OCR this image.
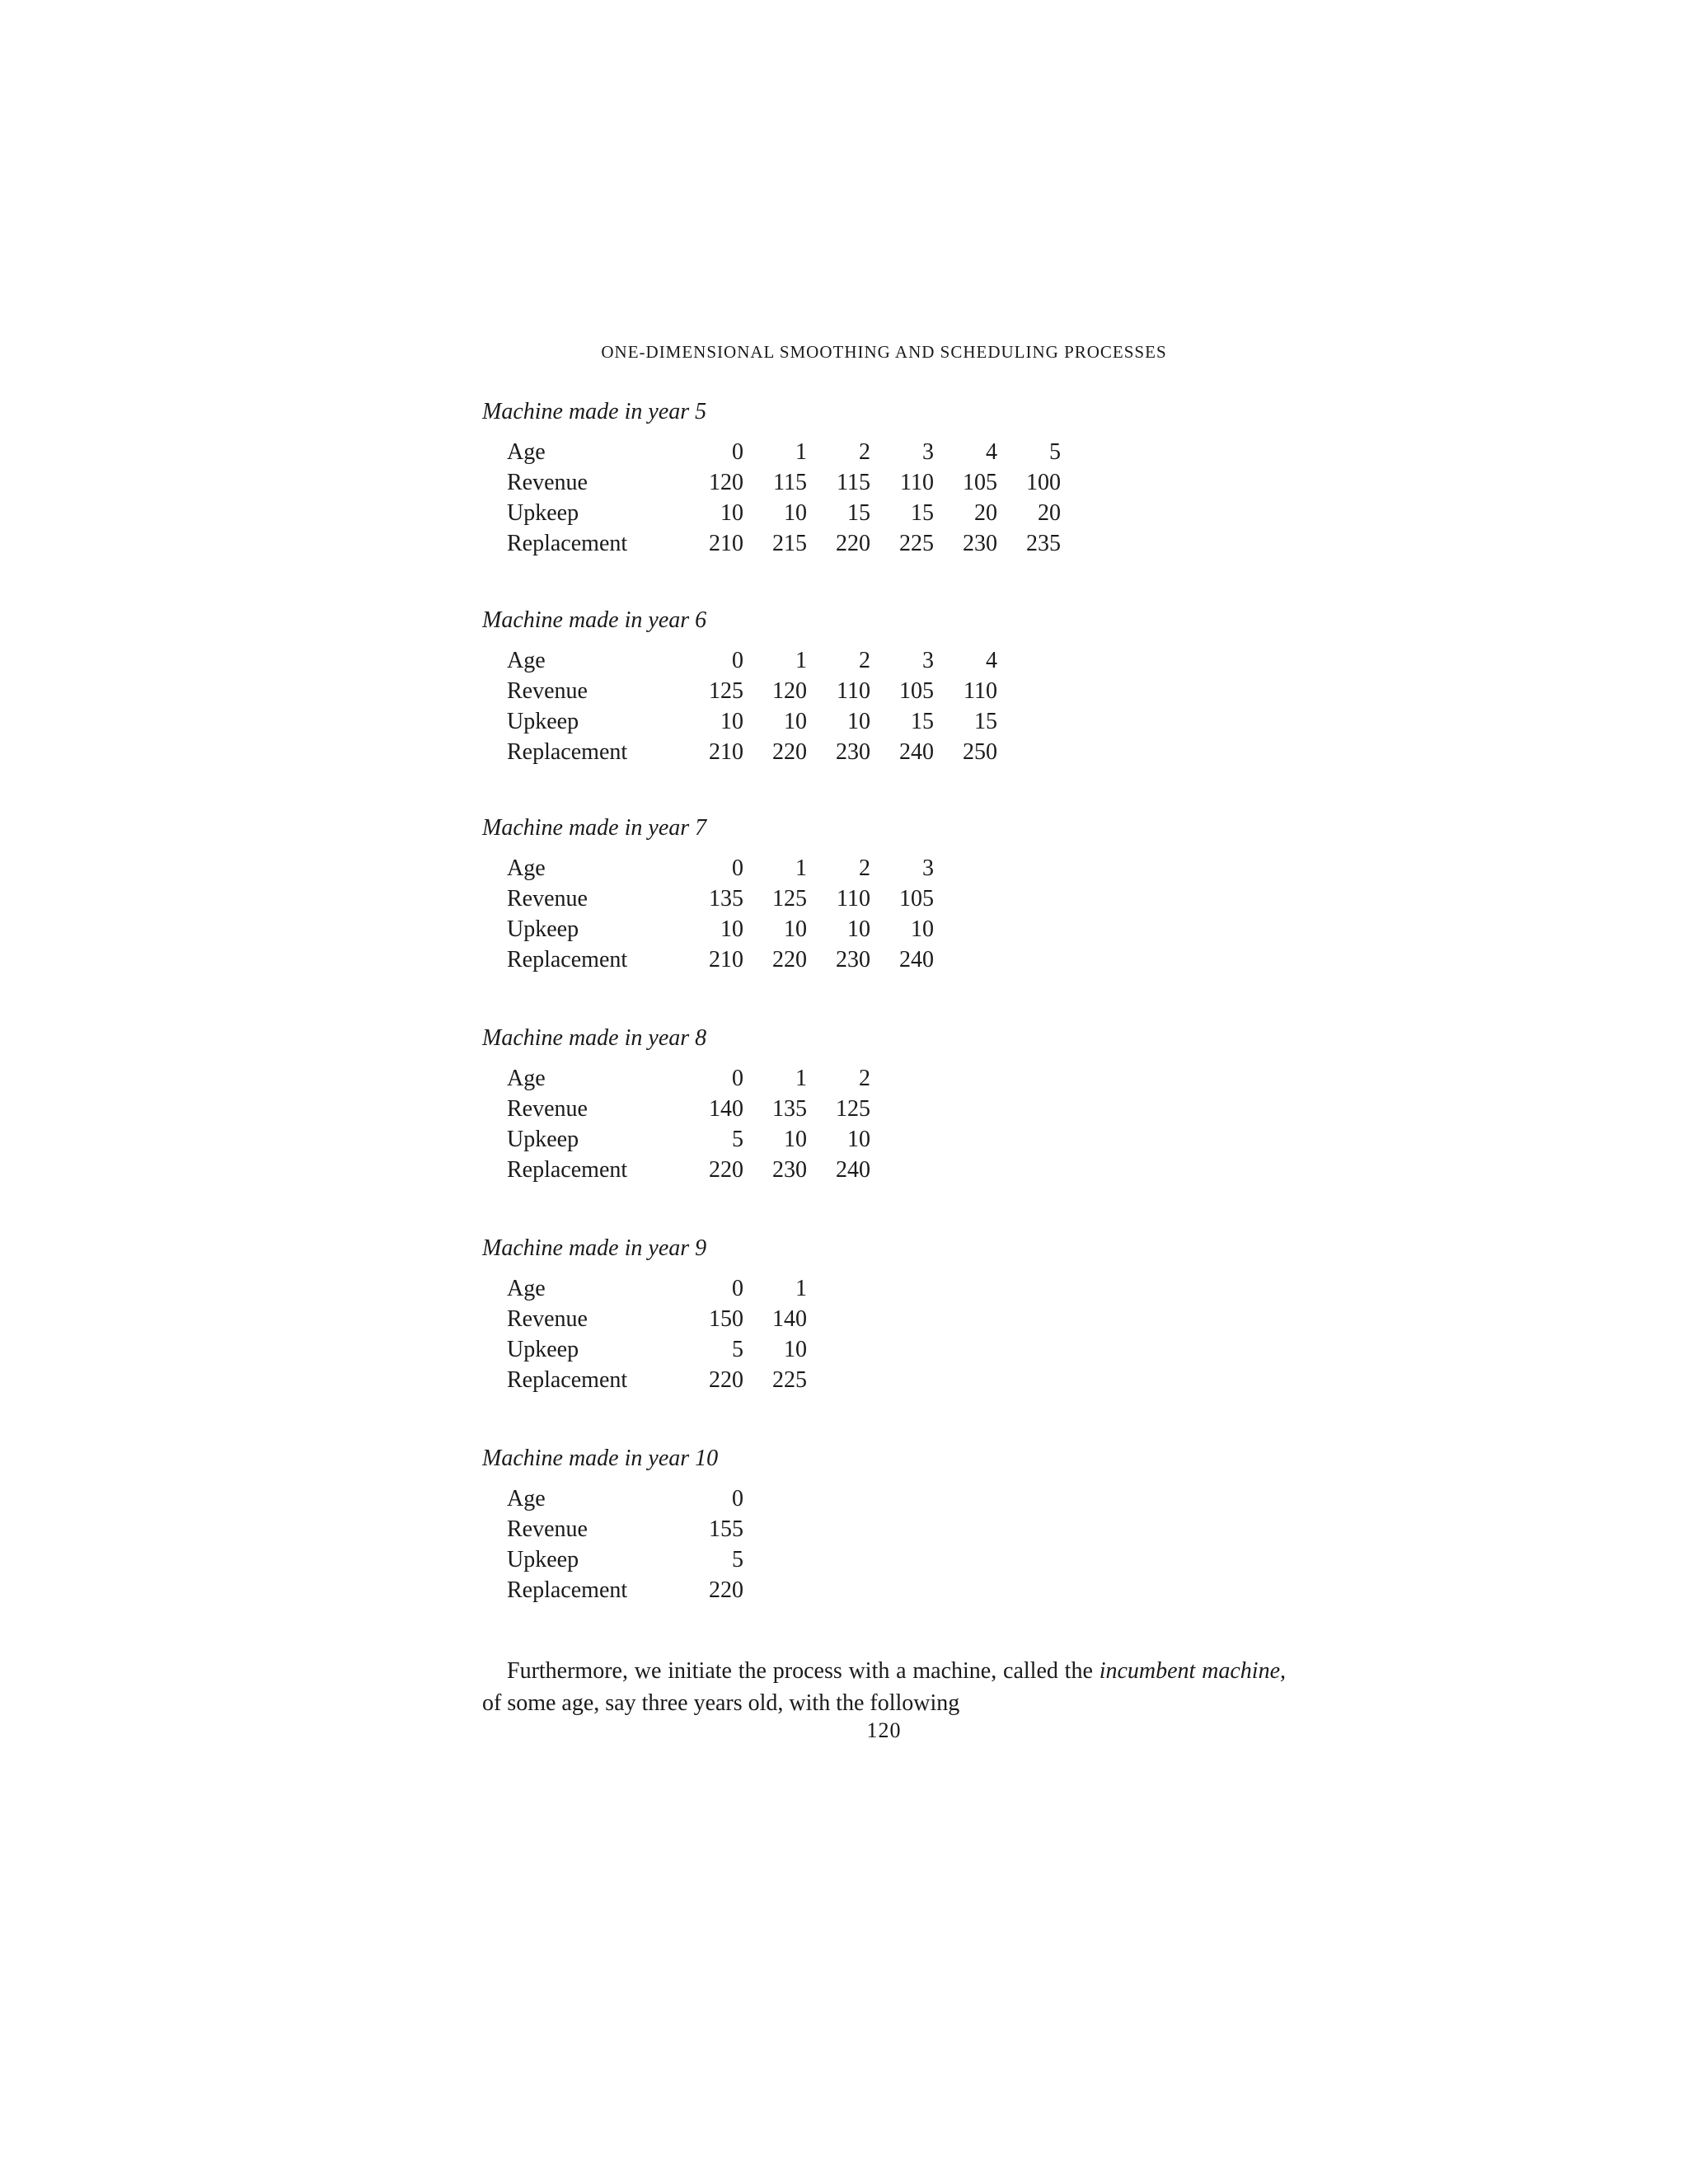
ONE-DIMENSIONAL SMOOTHING AND SCHEDULING PROCESSES

Machine made in year 5

Age	0	1	2	3	4	5
Revenue	120	115	115	110	105	100
Upkeep	10	10	15	15	20	20
Replacement	210	215	220	225	230	235

Machine made in year 6

Age	0	1	2	3	4
Revenue	125	120	110	105	110
Upkeep	10	10	10	15	15
Replacement	210	220	230	240	250

Machine made in year 7

Age	0	1	2	3
Revenue	135	125	110	105
Upkeep	10	10	10	10
Replacement	210	220	230	240

Machine made in year 8

Age	0	1	2
Revenue	140	135	125
Upkeep	5	10	10
Replacement	220	230	240

Machine made in year 9

Age	0	1
Revenue	150	140
Upkeep	5	10
Replacement	220	225

Machine made in year 10

Age	0
Revenue	155
Upkeep	5
Replacement	220

Furthermore, we initiate the process with a machine, called the incumbent machine, of some age, say three years old, with the following

120
